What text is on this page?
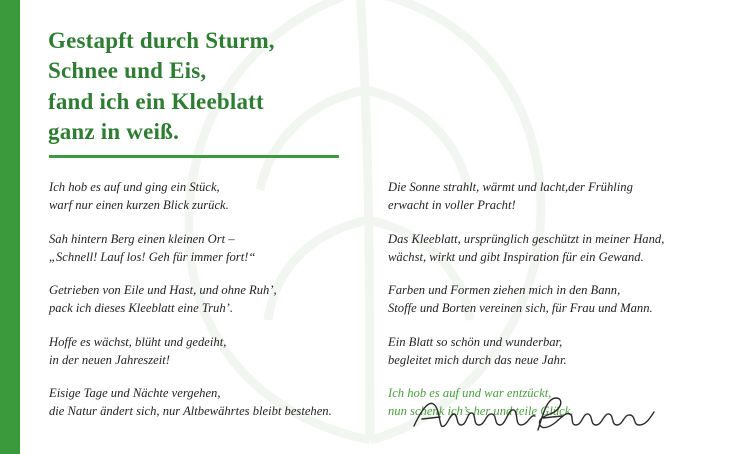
Gestapft durch Sturm,
Schnee und Eis,
fand ich ein Kleeblatt
ganz in weiß.
Ich hob es auf und ging ein Stück,
warf nur einen kurzen Blick zurück.
Sah hintern Berg einen kleinen Ort –
„Schnell! Lauf los! Geh für immer fort!“
Getrieben von Eile und Hast, und ohne Ruh’,
pack ich dieses Kleeblatt eine Truh’.
Hoffe es wächst, blüht und gedeiht,
in der neuen Jahreszeit!
Eisige Tage und Nächte vergehen,
die Natur ändert sich, nur Altbewährtes bleibt bestehen.
Die Sonne strahlt, wärmt und lacht,der Frühling
erwacht in voller Pracht!
Das Kleeblatt, ursprünglich geschützt in meiner Hand,
wächst, wirkt und gibt Inspiration für ein Gewand.
Farben und Formen ziehen mich in den Bann,
Stoffe und Borten vereinen sich, für Frau und Mann.
Ein Blatt so schön und wunderbar,
begleitet mich durch das neue Jahr.
Ich hob es auf und war entzückt,
nun schenk ich’s her und teile Glück.
